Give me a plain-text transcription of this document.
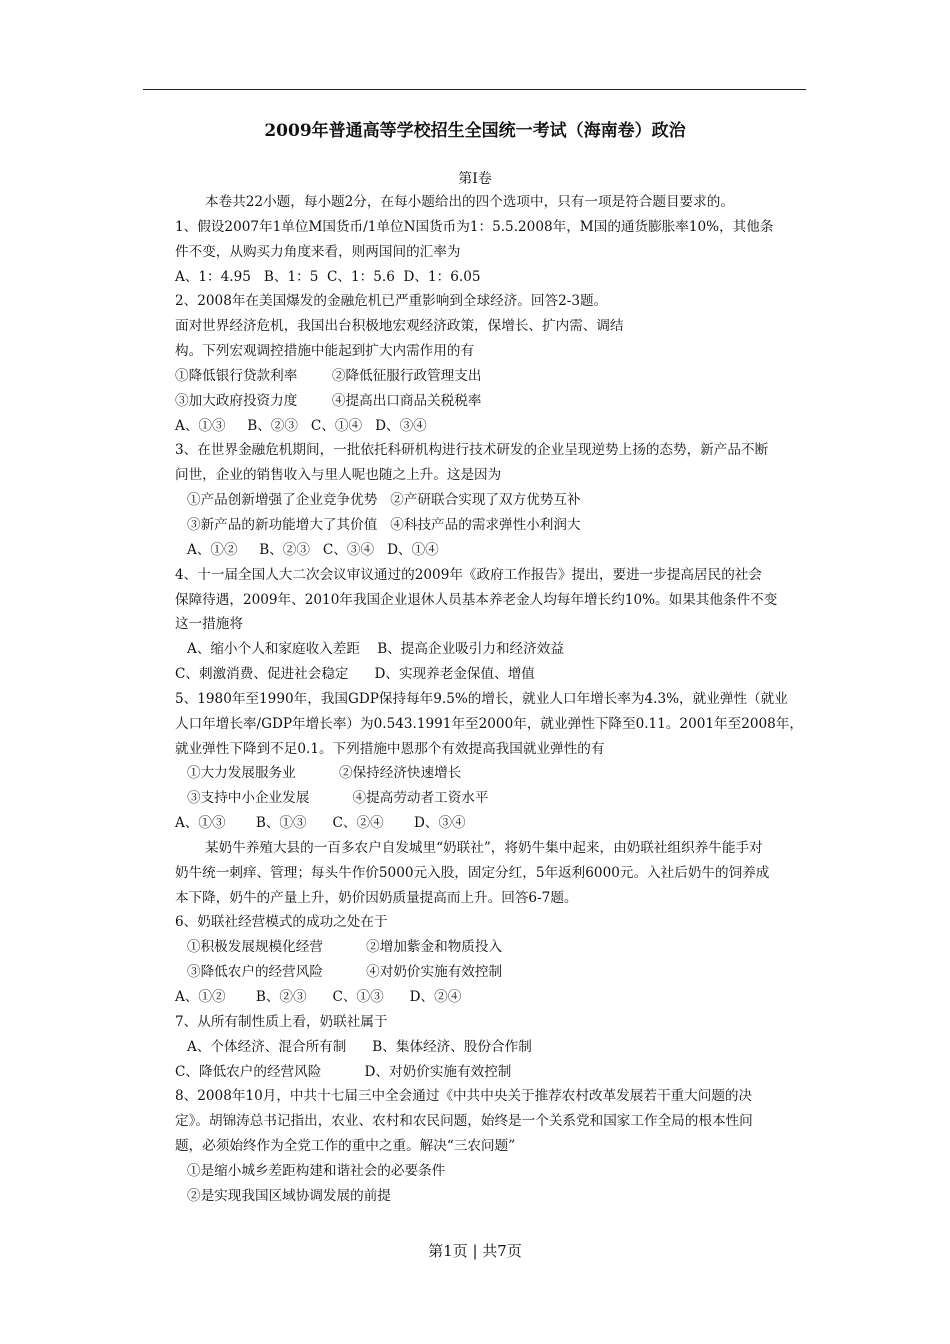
2009年普通高等学校招生全国统一考试（海南卷）政治
第I卷
本卷共22小题，每小题2分，在每小题给出的四个选项中，只有一项是符合题目要求的。
1、假设2007年1单位M国货币/1单位N国货币为1：5.5.2008年，M国的通货膨胀率10%，其他条
件不变，从购买力角度来看，则两国间的汇率为
A、1：4.95   B、1：5  C、1：5.6  D、1：6.05
2、2008年在美国爆发的金融危机已严重影响到全球经济。回答2-3题。
面对世界经济危机，我国出台积极地宏观经济政策，保增长、扩内需、调结
构。下列宏观调控措施中能起到扩大内需作用的有
①降低银行贷款利率        ②降低征服行政管理支出
③加大政府投资力度        ④提高出口商品关税税率
A、①③     B、②③   C、①④   D、③④
3、在世界金融危机期间，一批依托科研机构进行技术研发的企业呈现逆势上扬的态势，新产品不断
问世，企业的销售收入与里人呢也随之上升。这是因为
①产品创新增强了企业竞争优势   ②产研联合实现了双方优势互补
③新产品的新功能增大了其价值   ④科技产品的需求弹性小利润大
A、①②     B、②③   C、③④   D、①④
4、十一届全国人大二次会议审议通过的2009年《政府工作报告》提出，要进一步提高居民的社会
保障待遇，2009年、2010年我国企业退休人员基本养老金人均每年增长约10%。如果其他条件不变
这一措施将
A、缩小个人和家庭收入差距    B、提高企业吸引力和经济效益
C、刺激消费、促进社会稳定      D、实现养老金保值、增值
5、1980年至1990年，我国GDP保持每年9.5%的增长，就业人口年增长率为4.3%，就业弹性（就业
人口年增长率/GDP年增长率）为0.543.1991年至2000年，就业弹性下降至0.11。2001年至2008年，
就业弹性下降到不足0.1。下列措施中恩那个有效提高我国就业弹性的有
①大力发展服务业          ②保持经济快速增长
③支持中小企业发展          ④提高劳动者工资水平
A、①③       B、①③      C、②④       D、③④
某奶牛养殖大县的一百多农户自发城里“奶联社”，将奶牛集中起来，由奶联社组织养牛能手对
奶牛统一刺痒、管理；每头牛作价5000元入股，固定分红，5年返利6000元。入社后奶牛的饲养成
本下降，奶牛的产量上升，奶价因奶质量提高而上升。回答6-7题。
6、奶联社经营模式的成功之处在于
①积极发展规模化经营          ②增加紫金和物质投入
③降低农户的经营风险          ④对奶价实施有效控制
A、①②       B、②③      C、①③      D、②④
7、从所有制性质上看，奶联社属于
A、个体经济、混合所有制      B、集体经济、股份合作制
C、降低农户的经营风险          D、对奶价实施有效控制
8、2008年10月，中共十七届三中全会通过《中共中央关于推荐农村改革发展若干重大问题的决
定》。胡锦涛总书记指出，农业、农村和农民问题，始终是一个关系党和国家工作全局的根本性问
题，必须始终作为全党工作的重中之重。解决“三农问题”
①是缩小城乡差距构建和谐社会的必要条件
②是实现我国区域协调发展的前提
第1页 | 共7页
